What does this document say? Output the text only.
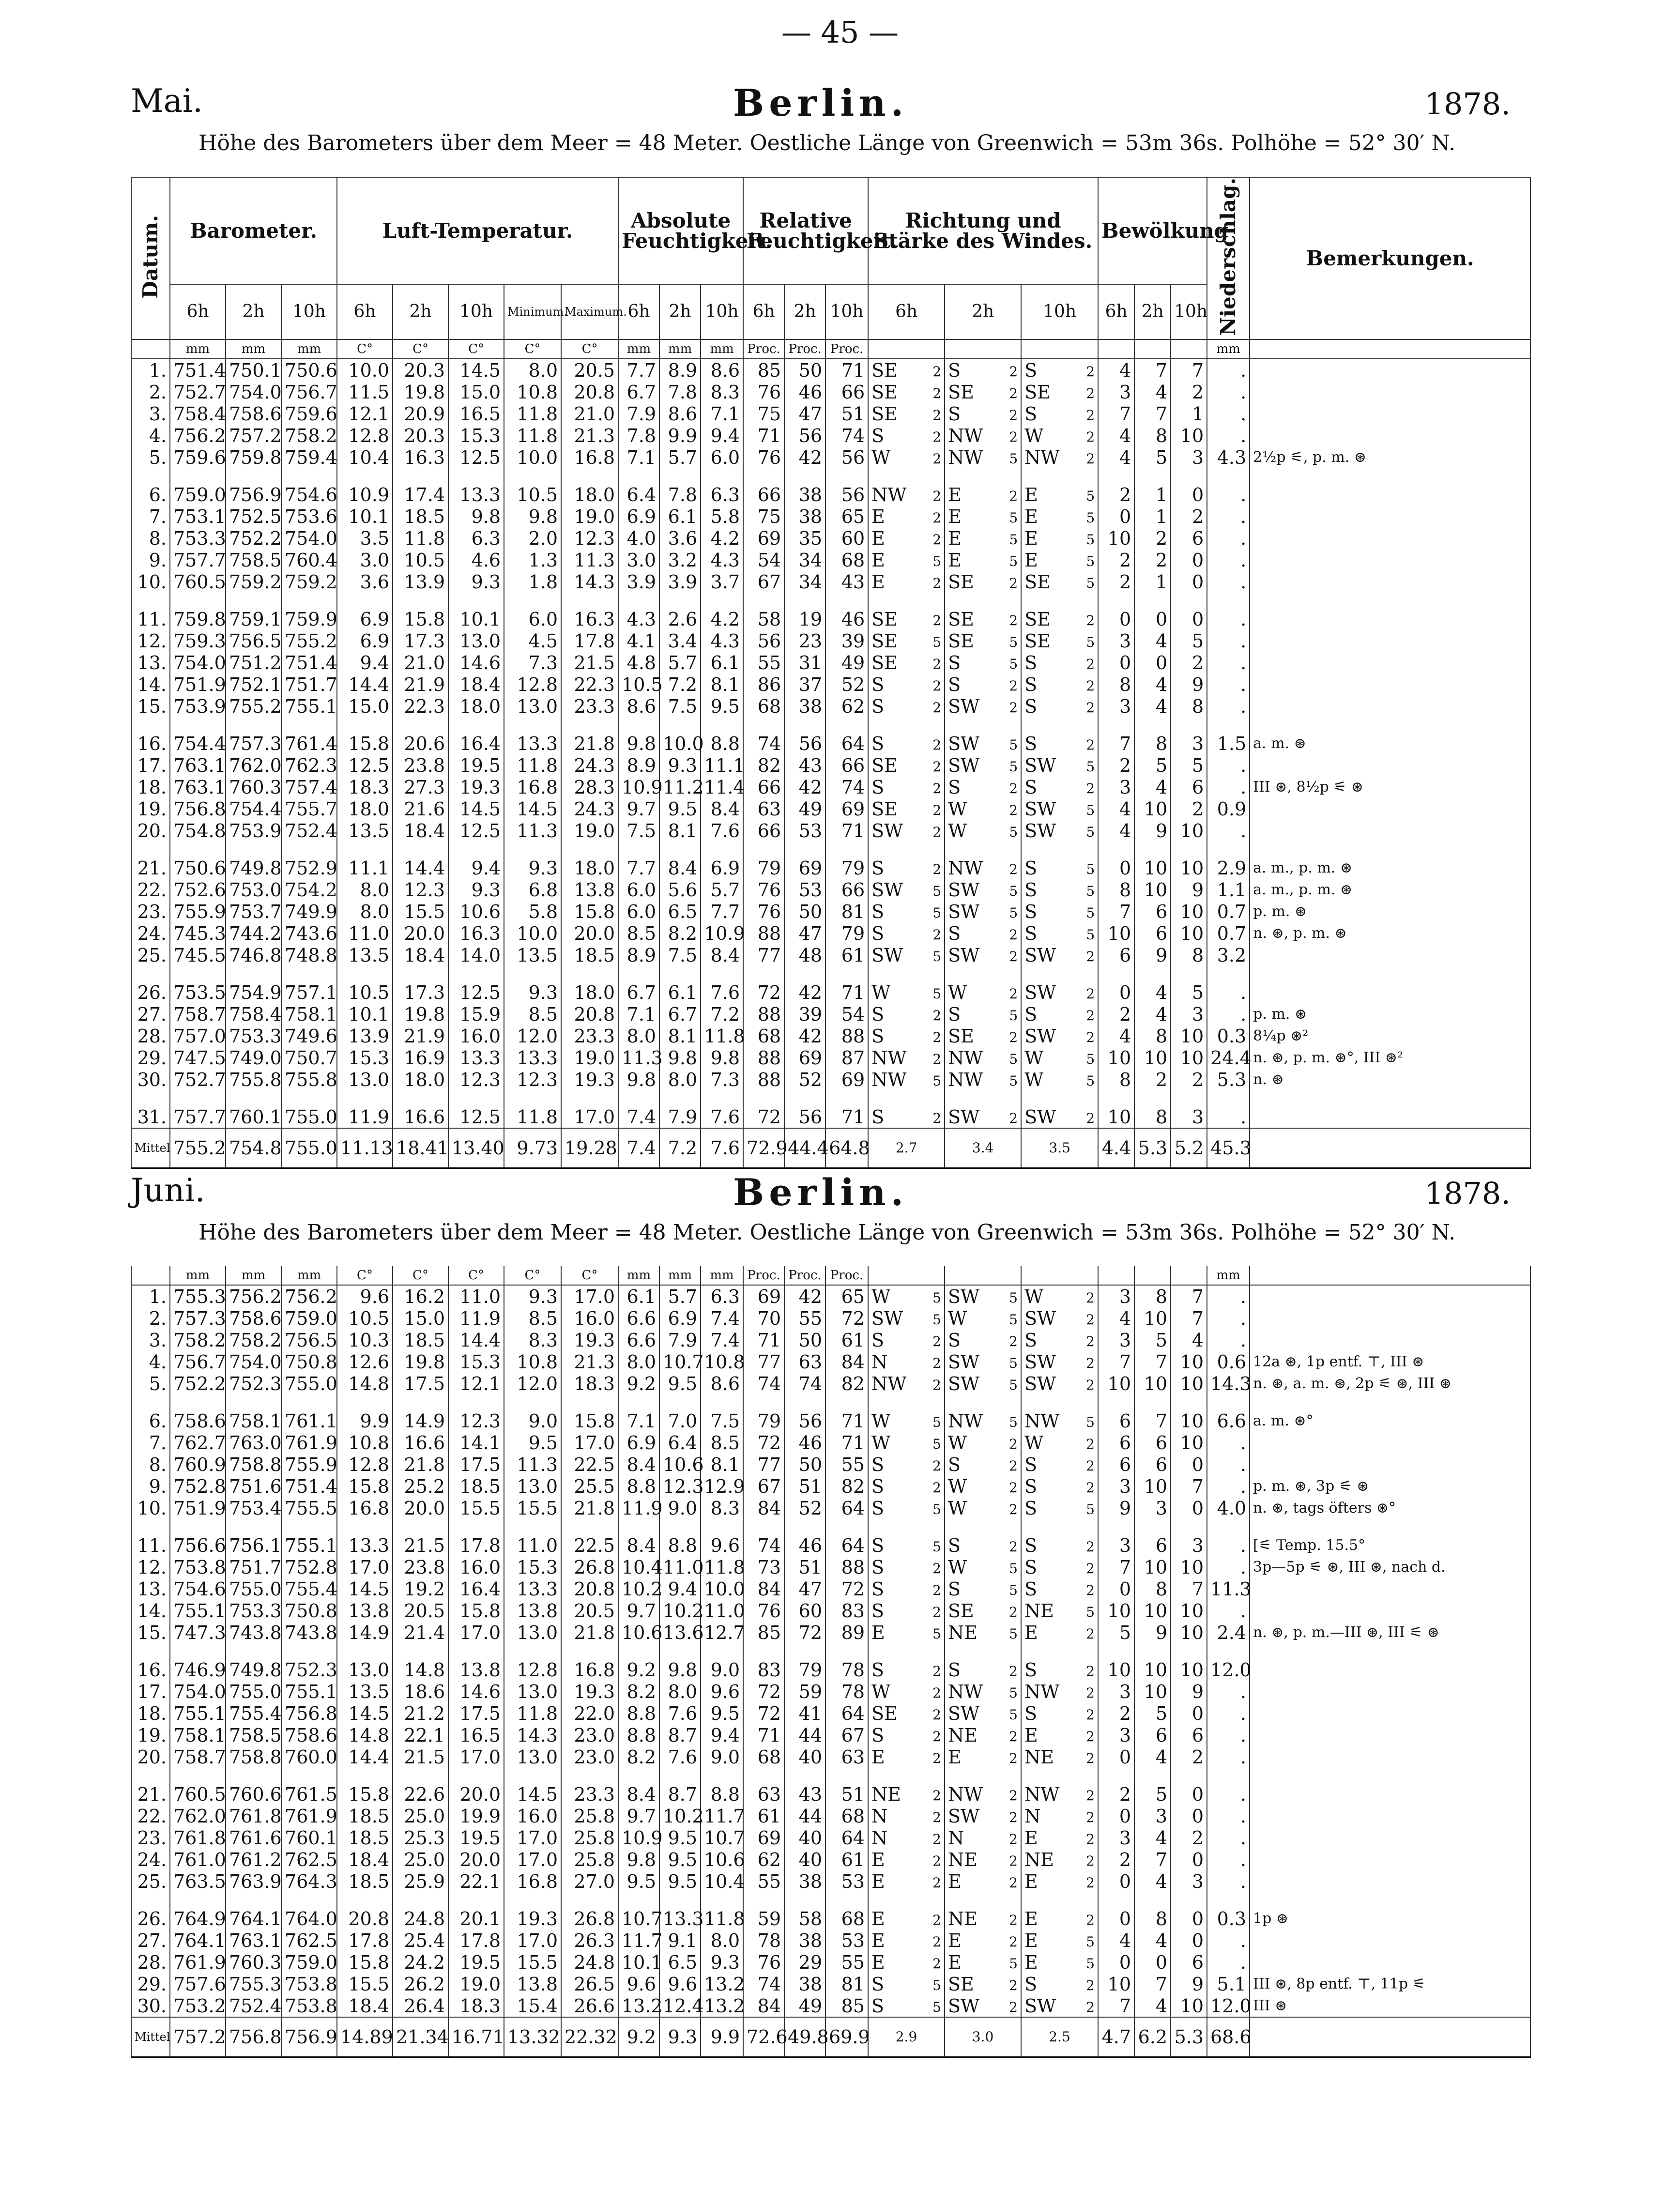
— 45 —
Mai.	Berlin.	1878.
Höhe des Barometers über dem Meer = 48 Meter. Oestliche Länge von Greenwich = 53m 36s. Polhöhe = 52° 30′ N.
Datum.	Barometer.			Luft-Temperatur.					Absolute Feuchtigkeit.			Relative Feuchtigkeit.			Richtung und Stärke des Windes.			Bewölkung			Niederschlag.	Bemerkungen.
	6h	2h	10h	6h	2h	10h	Minimum.	Maximum.	6h	2h	10h	6h	2h	10h	6h	2h	10h	6h	2h	10h		
	mm	mm	mm	C°	C°	C°	C°	C°	mm	mm	mm	Proc.	Proc.	Proc.							mm	
1.	751.4	750.1	750.6	10.0	20.3	14.5	8.0	20.5	7.7	8.9	8.6	85	50	71	SE 2	S 2	S 2	4	7	7	.	
2.	752.7	754.0	756.7	11.5	19.8	15.0	10.8	20.8	6.7	7.8	8.3	76	46	66	SE 2	SE 2	SE 2	3	4	2	.	
3.	758.4	758.6	759.6	12.1	20.9	16.5	11.8	21.0	7.9	8.6	7.1	75	47	51	SE 2	S 2	S 2	7	7	1	.	
4.	756.2	757.2	758.2	12.8	20.3	15.3	11.8	21.3	7.8	9.9	9.4	71	56	74	S 2	NW 2	W 2	4	8	10	.	
5.	759.6	759.8	759.4	10.4	16.3	12.5	10.0	16.8	7.1	5.7	6.0	76	42	56	W 2	NW 5	NW 2	4	5	3	4.3	2½p ⚟, p. m. ⊛

6.	759.0	756.9	754.6	10.9	17.4	13.3	10.5	18.0	6.4	7.8	6.3	66	38	56	NW 2	E 2	E 5	2	1	0	.	
7.	753.1	752.5	753.6	10.1	18.5	9.8	9.8	19.0	6.9	6.1	5.8	75	38	65	E 2	E 5	E 5	0	1	2	.	
8.	753.3	752.2	754.0	3.5	11.8	6.3	2.0	12.3	4.0	3.6	4.2	69	35	60	E 2	E 5	E 5	10	2	6	.	
9.	757.7	758.5	760.4	3.0	10.5	4.6	1.3	11.3	3.0	3.2	4.3	54	34	68	E 5	E 5	E 5	2	2	0	.	
10.	760.5	759.2	759.2	3.6	13.9	9.3	1.8	14.3	3.9	3.9	3.7	67	34	43	E 2	SE 2	SE 5	2	1	0	.	

11.	759.8	759.1	759.9	6.9	15.8	10.1	6.0	16.3	4.3	2.6	4.2	58	19	46	SE 2	SE 2	SE 2	0	0	0	.	
12.	759.3	756.5	755.2	6.9	17.3	13.0	4.5	17.8	4.1	3.4	4.3	56	23	39	SE 5	SE 5	SE 5	3	4	5	.	
13.	754.0	751.2	751.4	9.4	21.0	14.6	7.3	21.5	4.8	5.7	6.1	55	31	49	SE 2	S 5	S 2	0	0	2	.	
14.	751.9	752.1	751.7	14.4	21.9	18.4	12.8	22.3	10.5	7.2	8.1	86	37	52	S 2	S 2	S 2	8	4	9	.	
15.	753.9	755.2	755.1	15.0	22.3	18.0	13.0	23.3	8.6	7.5	9.5	68	38	62	S 2	SW 2	S 2	3	4	8	.	

16.	754.4	757.3	761.4	15.8	20.6	16.4	13.3	21.8	9.8	10.0	8.8	74	56	64	S 2	SW 5	S 2	7	8	3	1.5	a. m. ⊛
17.	763.1	762.0	762.3	12.5	23.8	19.5	11.8	24.3	8.9	9.3	11.1	82	43	66	SE 2	SW 5	SW 5	2	5	5	.	
18.	763.1	760.3	757.4	18.3	27.3	19.3	16.8	28.3	10.9	11.2	11.4	66	42	74	S 2	S 2	S 2	3	4	6	.	III ⊛, 8½p ⚟ ⊛
19.	756.8	754.4	755.7	18.0	21.6	14.5	14.5	24.3	9.7	9.5	8.4	63	49	69	SE 2	W 2	SW 5	4	10	2	0.9	
20.	754.8	753.9	752.4	13.5	18.4	12.5	11.3	19.0	7.5	8.1	7.6	66	53	71	SW 2	W 5	SW 5	4	9	10	.	

21.	750.6	749.8	752.9	11.1	14.4	9.4	9.3	18.0	7.7	8.4	6.9	79	69	79	S 2	NW 2	S 5	0	10	10	2.9	a. m., p. m. ⊛
22.	752.6	753.0	754.2	8.0	12.3	9.3	6.8	13.8	6.0	5.6	5.7	76	53	66	SW 5	SW 5	S 5	8	10	9	1.1	a. m., p. m. ⊛
23.	755.9	753.7	749.9	8.0	15.5	10.6	5.8	15.8	6.0	6.5	7.7	76	50	81	S 5	SW 5	S 5	7	6	10	0.7	p. m. ⊛
24.	745.3	744.2	743.6	11.0	20.0	16.3	10.0	20.0	8.5	8.2	10.9	88	47	79	S 2	S 2	S 5	10	6	10	0.7	n. ⊛, p. m. ⊛
25.	745.5	746.8	748.8	13.5	18.4	14.0	13.5	18.5	8.9	7.5	8.4	77	48	61	SW 5	SW 2	SW 2	6	9	8	3.2	

26.	753.5	754.9	757.1	10.5	17.3	12.5	9.3	18.0	6.7	6.1	7.6	72	42	71	W 5	W 2	SW 2	0	4	5	.	
27.	758.7	758.4	758.1	10.1	19.8	15.9	8.5	20.8	7.1	6.7	7.2	88	39	54	S 2	S 5	S 2	2	4	3	.	p. m. ⊛
28.	757.0	753.3	749.6	13.9	21.9	16.0	12.0	23.3	8.0	8.1	11.8	68	42	88	S 2	SE 2	SW 2	4	8	10	0.3	8¼p ⊛²
29.	747.5	749.0	750.7	15.3	16.9	13.3	13.3	19.0	11.3	9.8	9.8	88	69	87	NW 2	NW 5	W 5	10	10	10	24.4	n. ⊛, p. m. ⊛°, III ⊛²
30.	752.7	755.8	755.8	13.0	18.0	12.3	12.3	19.3	9.8	8.0	7.3	88	52	69	NW 5	NW 5	W 5	8	2	2	5.3	n. ⊛

31.	757.7	760.1	755.0	11.9	16.6	12.5	11.8	17.0	7.4	7.9	7.6	72	56	71	S 2	SW 2	SW 2	10	8	3	.	
Mittel	755.2	754.8	755.0	11.13	18.41	13.40	9.73	19.28	7.4	7.2	7.6	72.9	44.4	64.8	2.7	3.4	3.5	4.4	5.3	5.2	45.3	
Juni.	Berlin.	1878.
Höhe des Barometers über dem Meer = 48 Meter. Oestliche Länge von Greenwich = 53m 36s. Polhöhe = 52° 30′ N.
	mm	mm	mm	C°	C°	C°	C°	C°	mm	mm	mm	Proc.	Proc.	Proc.							mm	
1.	755.3	756.2	756.2	9.6	16.2	11.0	9.3	17.0	6.1	5.7	6.3	69	42	65	W 5	SW 5	W 2	3	8	7	.	
2.	757.3	758.6	759.0	10.5	15.0	11.9	8.5	16.0	6.6	6.9	7.4	70	55	72	SW 5	W 5	SW 2	4	10	7	.	
3.	758.2	758.2	756.5	10.3	18.5	14.4	8.3	19.3	6.6	7.9	7.4	71	50	61	S 2	S 2	S 2	3	5	4	.	
4.	756.7	754.0	750.8	12.6	19.8	15.3	10.8	21.3	8.0	10.7	10.8	77	63	84	N 2	SW 5	SW 2	7	7	10	0.6	12a ⊛, 1p entf. ⊤, III ⊛
5.	752.2	752.3	755.0	14.8	17.5	12.1	12.0	18.3	9.2	9.5	8.6	74	74	82	NW 2	SW 5	SW 2	10	10	10	14.3	n. ⊛, a. m. ⊛, 2p ⚟ ⊛, III ⊛

6.	758.6	758.1	761.1	9.9	14.9	12.3	9.0	15.8	7.1	7.0	7.5	79	56	71	W 5	NW 5	NW 5	6	7	10	6.6	a. m. ⊛°
7.	762.7	763.0	761.9	10.8	16.6	14.1	9.5	17.0	6.9	6.4	8.5	72	46	71	W 5	W 2	W 2	6	6	10	.	
8.	760.9	758.8	755.9	12.8	21.8	17.5	11.3	22.5	8.4	10.6	8.1	77	50	55	S 2	S 2	S 2	6	6	0	.	
9.	752.8	751.6	751.4	15.8	25.2	18.5	13.0	25.5	8.8	12.3	12.9	67	51	82	S 2	W 2	S 2	3	10	7	.	p. m. ⊛, 3p ⚟ ⊛
10.	751.9	753.4	755.5	16.8	20.0	15.5	15.5	21.8	11.9	9.0	8.3	84	52	64	S 5	W 2	S 5	9	3	0	4.0	n. ⊛, tags öfters ⊛°

11.	756.6	756.1	755.1	13.3	21.5	17.8	11.0	22.5	8.4	8.8	9.6	74	46	64	S 5	S 2	S 2	3	6	3	.	[⚟ Temp. 15.5°
12.	753.8	751.7	752.8	17.0	23.8	16.0	15.3	26.8	10.4	11.0	11.8	73	51	88	S 2	W 5	S 2	7	10	10	.	3p—5p ⚟ ⊛, III ⊛, nach d.
13.	754.6	755.0	755.4	14.5	19.2	16.4	13.3	20.8	10.2	9.4	10.0	84	47	72	S 2	S 5	S 2	0	8	7	11.3	
14.	755.1	753.3	750.8	13.8	20.5	15.8	13.8	20.5	9.7	10.2	11.0	76	60	83	S 2	SE 2	NE 5	10	10	10	.	
15.	747.3	743.8	743.8	14.9	21.4	17.0	13.0	21.8	10.6	13.6	12.7	85	72	89	E 5	NE 5	E 2	5	9	10	2.4	n. ⊛, p. m.—III ⊛, III ⚟ ⊛

16.	746.9	749.8	752.3	13.0	14.8	13.8	12.8	16.8	9.2	9.8	9.0	83	79	78	S 2	S 2	S 2	10	10	10	12.0	
17.	754.0	755.0	755.1	13.5	18.6	14.6	13.0	19.3	8.2	8.0	9.6	72	59	78	W 2	NW 5	NW 2	3	10	9	.	
18.	755.1	755.4	756.8	14.5	21.2	17.5	11.8	22.0	8.8	7.6	9.5	72	41	64	SE 2	SW 5	S 2	2	5	0	.	
19.	758.1	758.5	758.6	14.8	22.1	16.5	14.3	23.0	8.8	8.7	9.4	71	44	67	S 2	NE 2	E 2	3	6	6	.	
20.	758.7	758.8	760.0	14.4	21.5	17.0	13.0	23.0	8.2	7.6	9.0	68	40	63	E 2	E 2	NE 2	0	4	2	.	

21.	760.5	760.6	761.5	15.8	22.6	20.0	14.5	23.3	8.4	8.7	8.8	63	43	51	NE 2	NW 2	NW 2	2	5	0	.	
22.	762.0	761.8	761.9	18.5	25.0	19.9	16.0	25.8	9.7	10.2	11.7	61	44	68	N 2	SW 2	N 2	0	3	0	.	
23.	761.8	761.6	760.1	18.5	25.3	19.5	17.0	25.8	10.9	9.5	10.7	69	40	64	N 2	N 2	E 2	3	4	2	.	
24.	761.0	761.2	762.5	18.4	25.0	20.0	17.0	25.8	9.8	9.5	10.6	62	40	61	E 2	NE 2	NE 2	2	7	0	.	
25.	763.5	763.9	764.3	18.5	25.9	22.1	16.8	27.0	9.5	9.5	10.4	55	38	53	E 2	E 2	E 2	0	4	3	.	

26.	764.9	764.1	764.0	20.8	24.8	20.1	19.3	26.8	10.7	13.3	11.8	59	58	68	E 2	NE 2	E 2	0	8	0	0.3	1p ⊛
27.	764.1	763.1	762.5	17.8	25.4	17.8	17.0	26.3	11.7	9.1	8.0	78	38	53	E 2	E 2	E 5	4	4	0	.	
28.	761.9	760.3	759.0	15.8	24.2	19.5	15.5	24.8	10.1	6.5	9.3	76	29	55	E 2	E 5	E 5	0	0	6	.	
29.	757.6	755.3	753.8	15.5	26.2	19.0	13.8	26.5	9.6	9.6	13.2	74	38	81	S 5	SE 2	S 2	10	7	9	5.1	III ⊛, 8p entf. ⊤, 11p ⚟
30.	753.2	752.4	753.8	18.4	26.4	18.3	15.4	26.6	13.2	12.4	13.2	84	49	85	S 5	SW 2	SW 2	7	4	10	12.0	III ⊛
Mittel	757.2	756.8	756.9	14.89	21.34	16.71	13.32	22.32	9.2	9.3	9.9	72.6	49.8	69.9	2.9	3.0	2.5	4.7	6.2	5.3	68.6	
